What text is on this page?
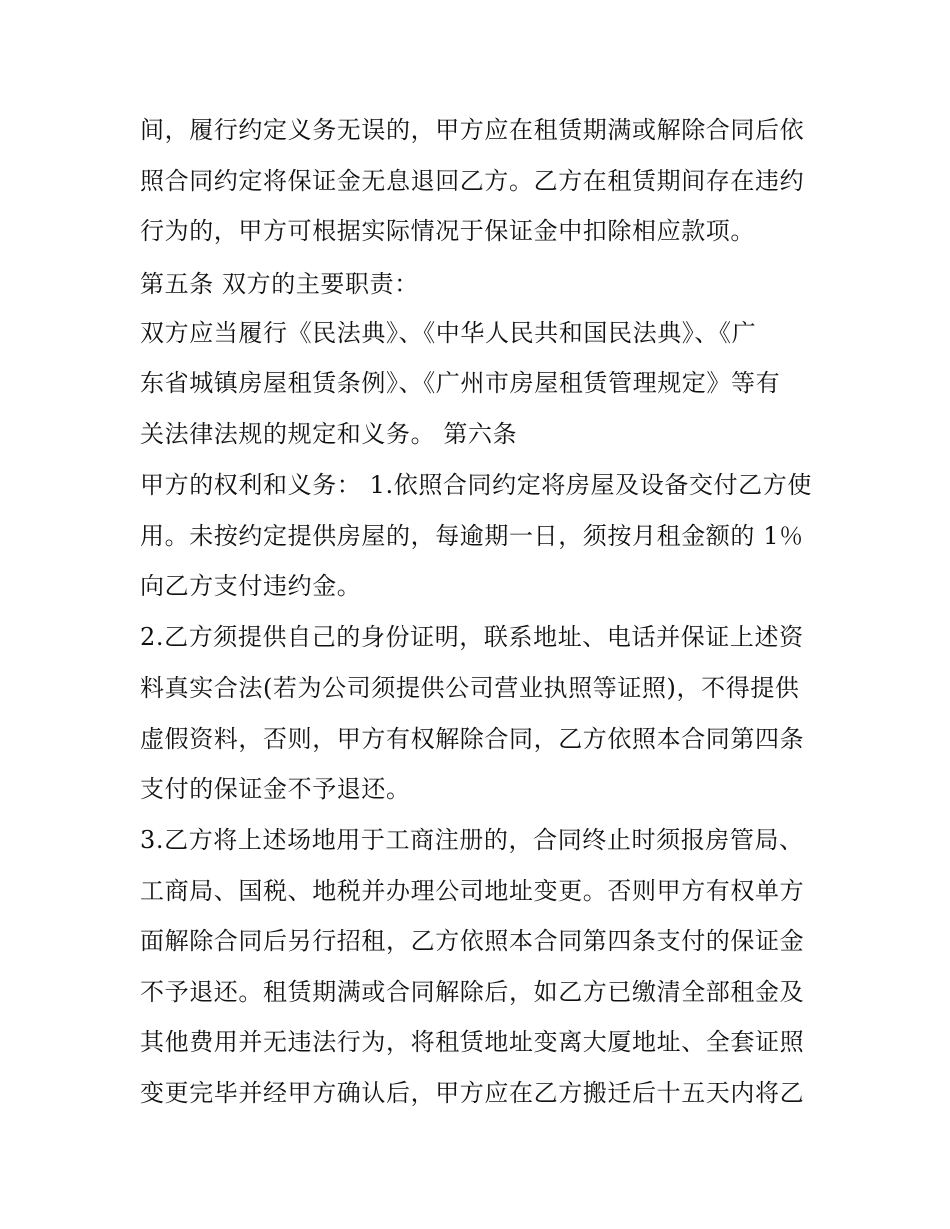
间，履行约定义务无误的，甲方应在租赁期满或解除合同后依
照合同约定将保证金无息退回乙方。乙方在租赁期间存在违约
行为的，甲方可根据实际情况于保证金中扣除相应款项。
第五条 双方的主要职责：
双方应当履行《民法典》、《中华人民共和国民法典》、《广
东省城镇房屋租赁条例》、《广州市房屋租赁管理规定》等有
关法律法规的规定和义务。 第六条
甲方的权利和义务： 1.依照合同约定将房屋及设备交付乙方使
用。未按约定提供房屋的，每逾期一日，须按月租金额的 1％
向乙方支付违约金。
2.乙方须提供自己的身份证明，联系地址、电话并保证上述资
料真实合法(若为公司须提供公司营业执照等证照)，不得提供
虚假资料，否则，甲方有权解除合同，乙方依照本合同第四条
支付的保证金不予退还。
3.乙方将上述场地用于工商注册的，合同终止时须报房管局、
工商局、国税、地税并办理公司地址变更。否则甲方有权单方
面解除合同后另行招租，乙方依照本合同第四条支付的保证金
不予退还。租赁期满或合同解除后，如乙方已缴清全部租金及
其他费用并无违法行为，将租赁地址变离大厦地址、全套证照
变更完毕并经甲方确认后，甲方应在乙方搬迁后十五天内将乙
